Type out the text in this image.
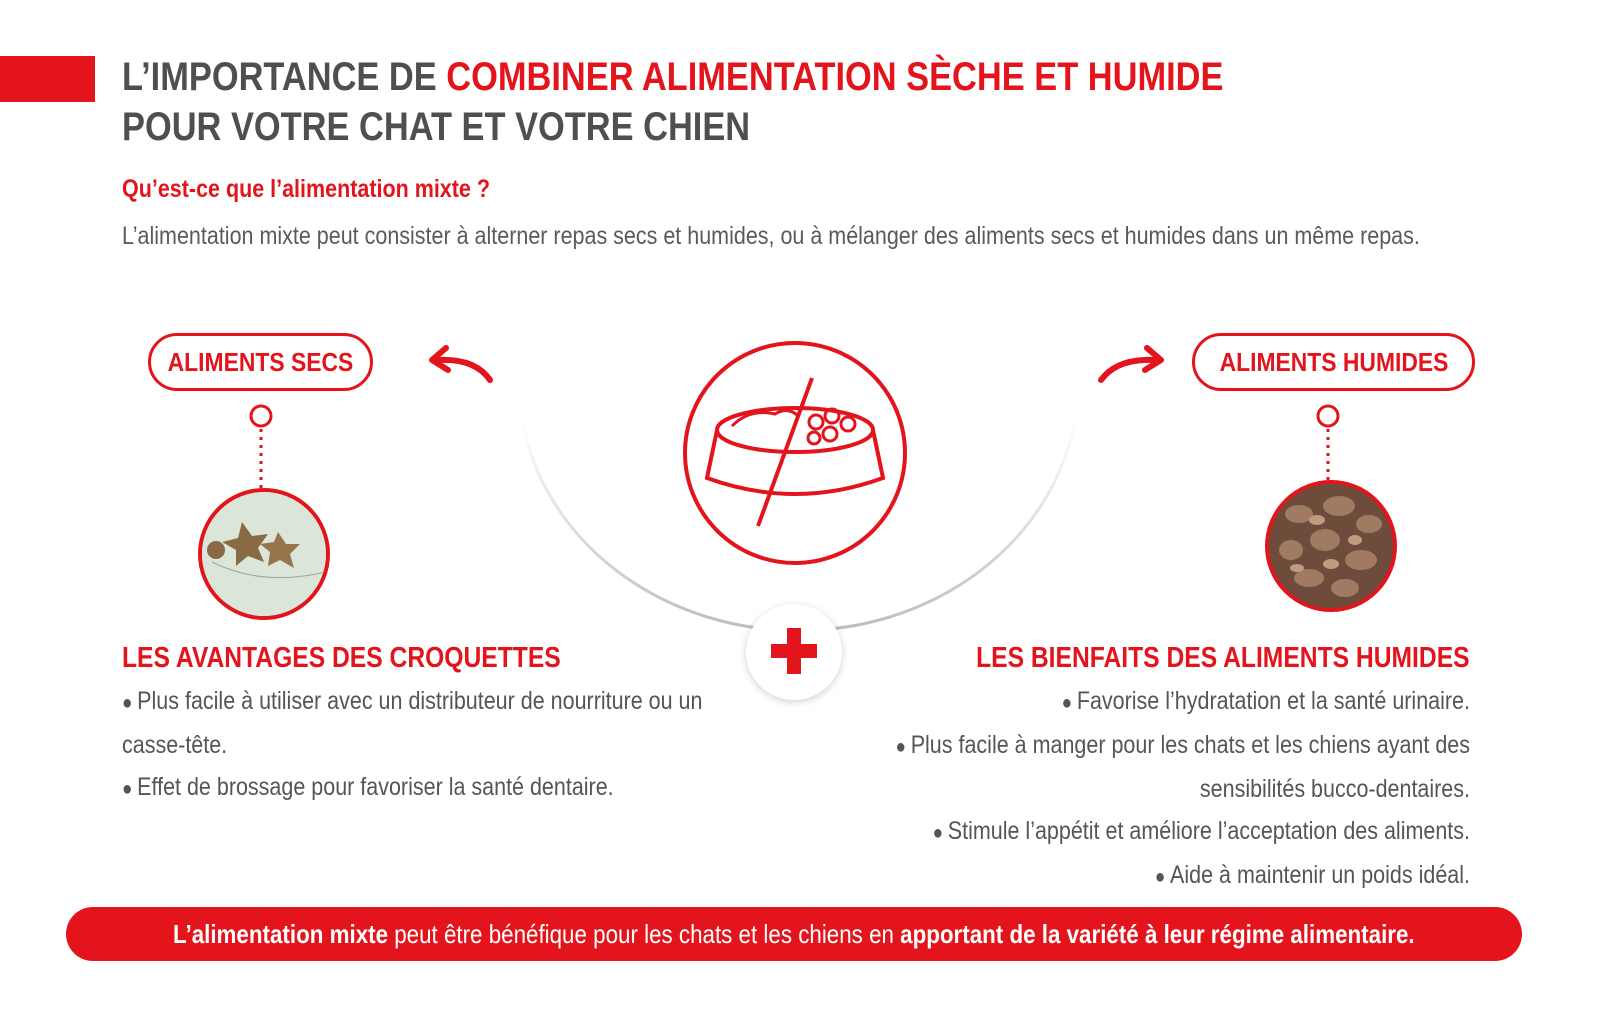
L’IMPORTANCE DE COMBINER ALIMENTATION SÈCHE ET HUMIDE POUR VOTRE CHAT ET VOTRE CHIEN
Qu’est-ce que l’alimentation mixte ?

L’alimentation mixte peut consister à alterner repas secs et humides, ou à mélanger des aliments secs et humides dans un même repas.

ALIMENTS SECS	ALIMENTS HUMIDES
LES AVANTAGES DES CROQUETTES
● Plus facile à utiliser avec un distributeur de nourriture ou un casse-tête.
● Effet de brossage pour favoriser la santé dentaire.
LES BIENFAITS DES ALIMENTS HUMIDES
● Favorise l’hydratation et la santé urinaire.
● Plus facile à manger pour les chats et les chiens ayant des sensibilités bucco-dentaires.
● Stimule l’appétit et améliore l’acceptation des aliments.
● Aide à maintenir un poids idéal.
L’alimentation mixte peut être bénéfique pour les chats et les chiens en apportant de la variété à leur régime alimentaire.
